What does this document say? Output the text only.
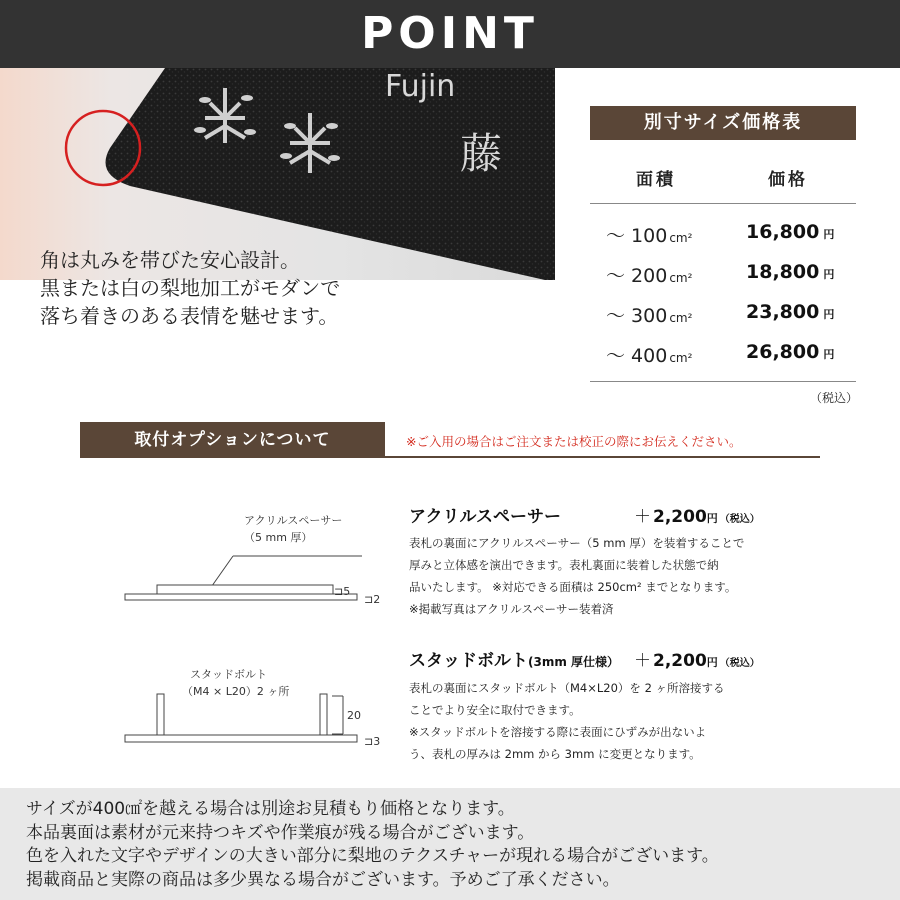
POINT
Fujin
藤
角は丸みを帯びた安心設計。
黒または白の梨地加工がモダンで
落ち着きのある表情を魅せます。
別寸サイズ価格表
面積	価格
～ 100 cm²	16,800 円
～ 200 cm²	18,800 円
～ 300 cm²	23,800 円
～ 400 cm²	26,800 円
（税込）
取付オプションについて	※ご入用の場合はご注文または校正の際にお伝えください。
アクリルスペーサー
（5 mm 厚）
⊐5
⊐2
アクリルスペーサー	＋ 2,200円 （税込）
表札の裏面にアクリルスペーサー（5 mm 厚）を装着することで
厚みと立体感を演出できます。表札裏面に装着した状態で納
品いたします。 ※対応できる面積は 250cm² までとなります。
※掲載写真はアクリルスペーサー装着済
スタッドボルト
（M4 × L20）2 ヶ所
20
⊐3
スタッドボルト(3mm 厚仕様） ＋ 2,200円 （税込）
表札の裏面にスタッドボルト（M4×L20）を 2 ヶ所溶接する
ことでより安全に取付できます。
※スタッドボルトを溶接する際に表面にひずみが出ないよ
う、表札の厚みは 2mm から 3mm に変更となります。
サイズが400㎠を越える場合は別途お見積もり価格となります。
本品裏面は素材が元来持つキズや作業痕が残る場合がございます。
色を入れた文字やデザインの大きい部分に梨地のテクスチャーが現れる場合がございます。
掲載商品と実際の商品は多少異なる場合がございます。予めご了承ください。
